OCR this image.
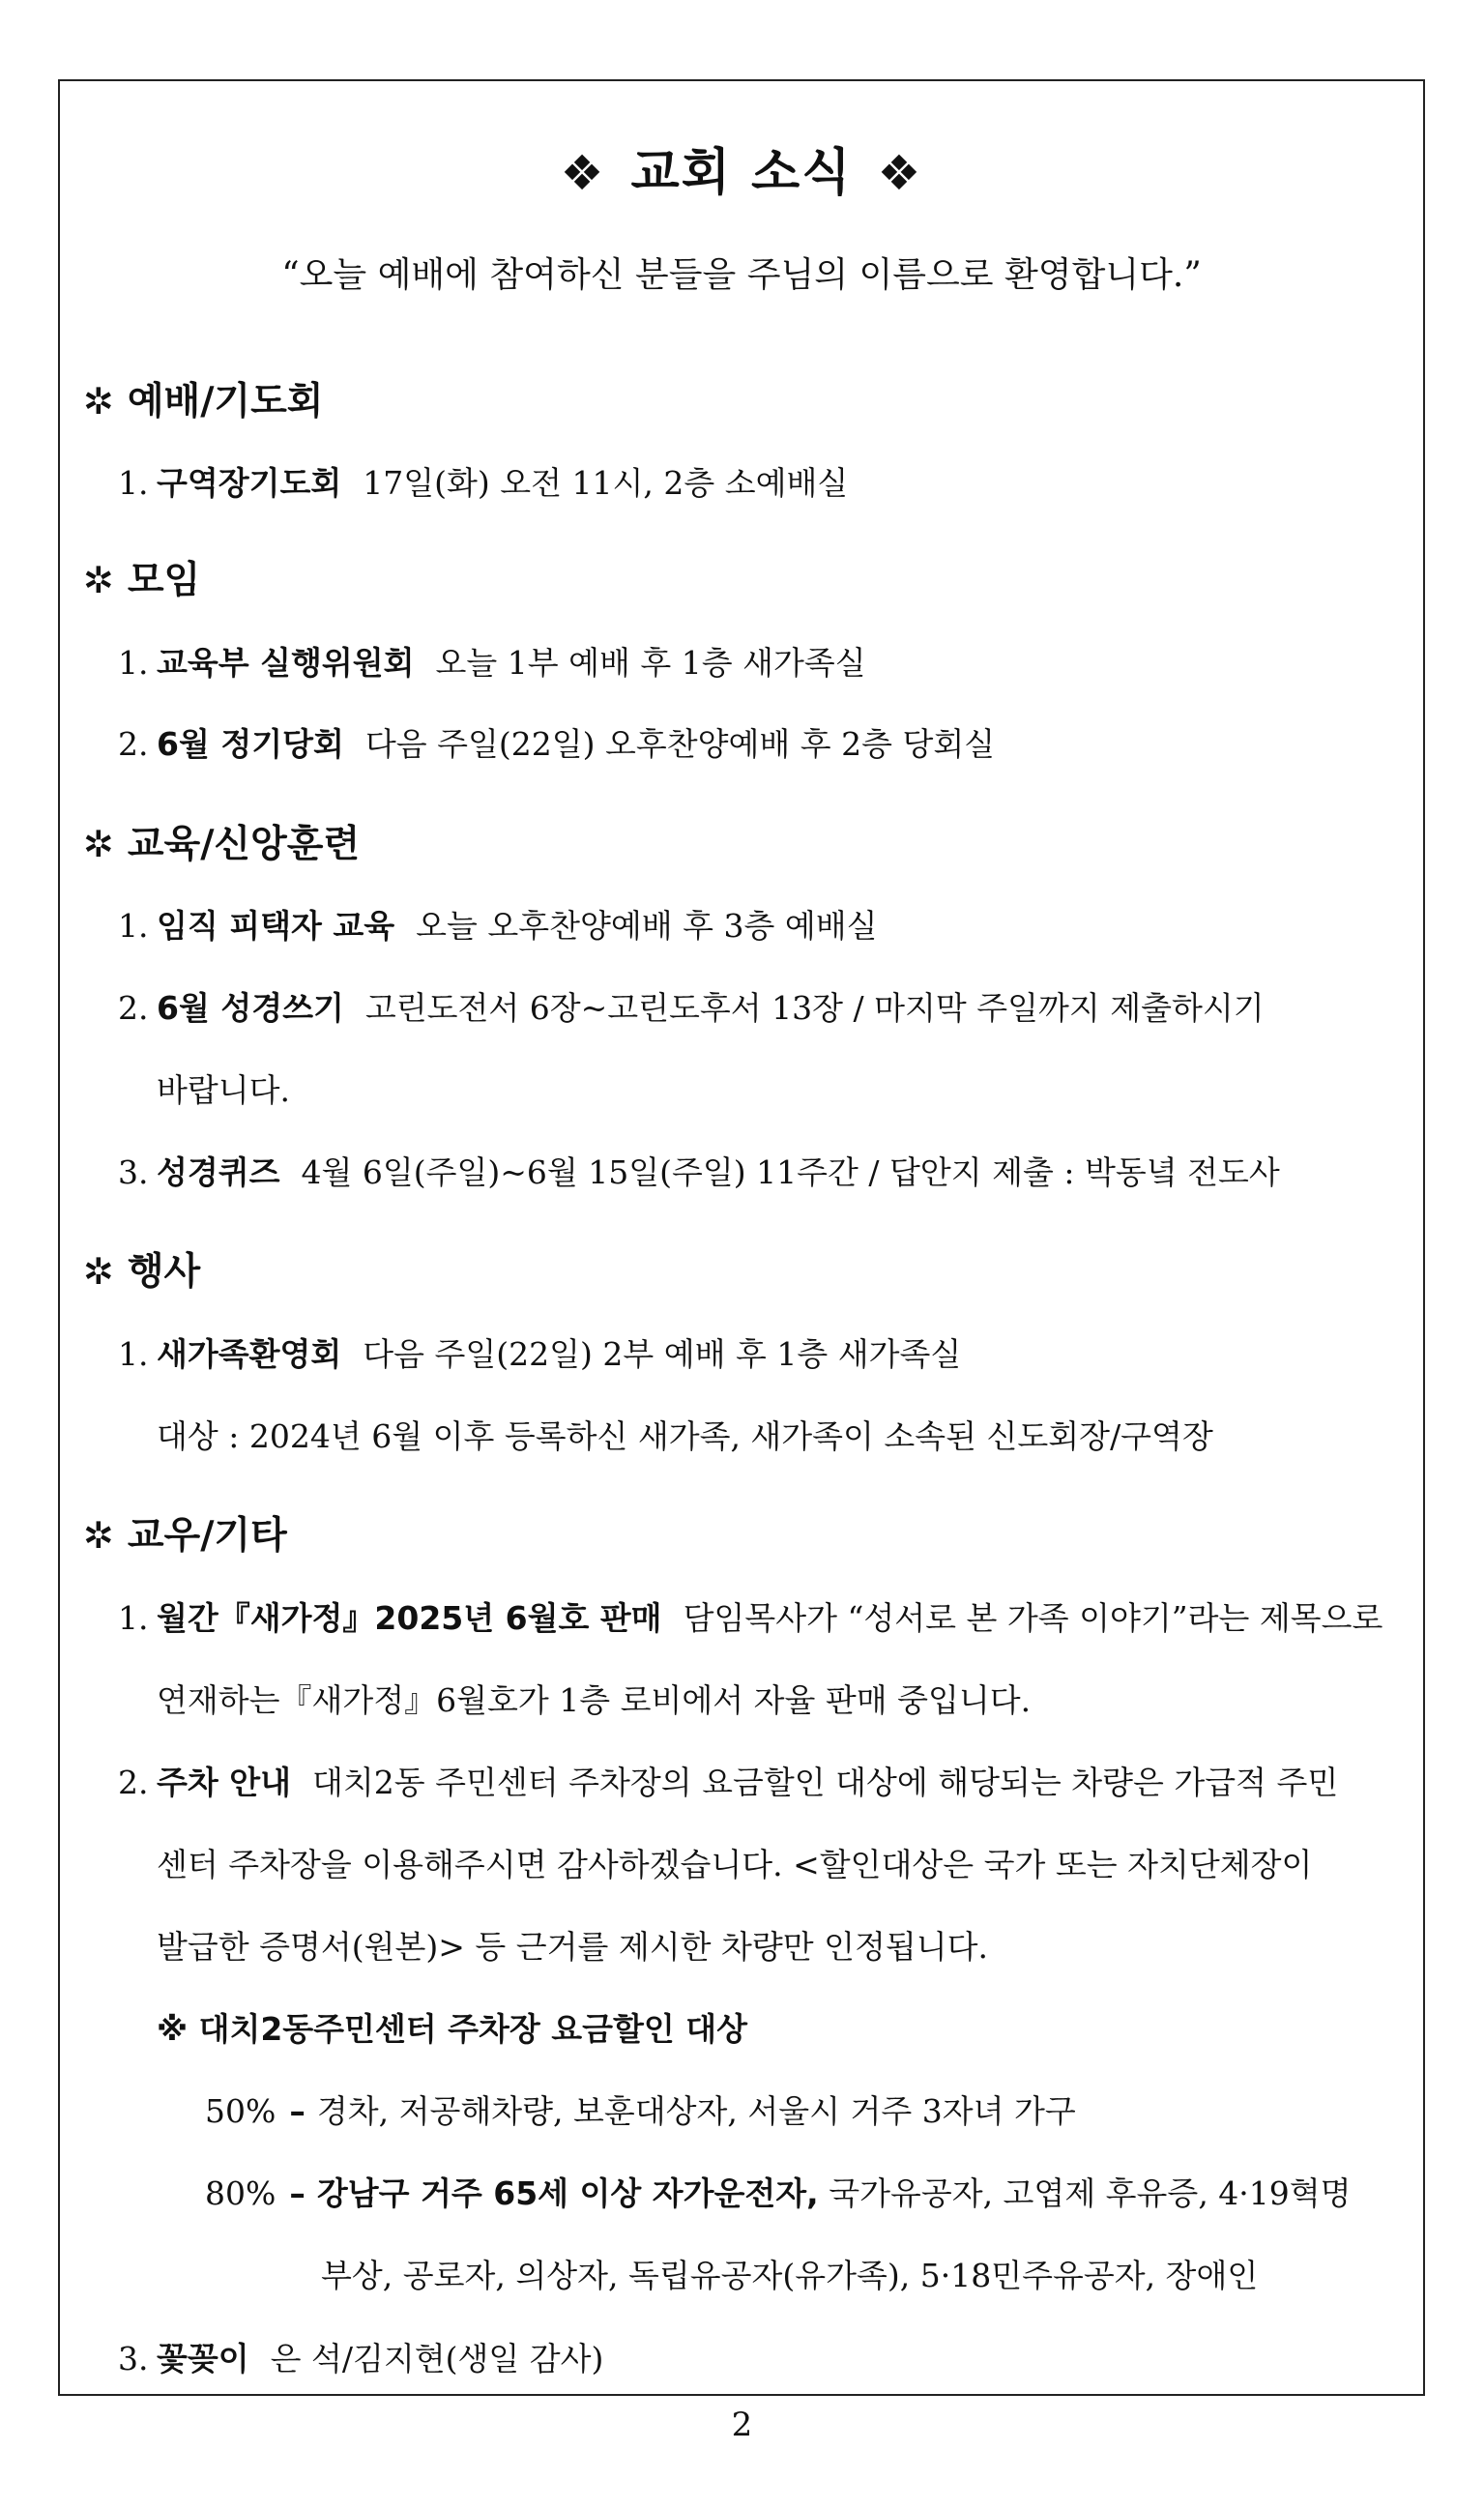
❖ 교회 소식 ❖
“오늘 예배에 참여하신 분들을 주님의 이름으로 환영합니다.”
✲ 예배/기도회
1. 구역장기도회 17일(화) 오전 11시, 2층 소예배실
✲ 모임
1. 교육부 실행위원회 오늘 1부 예배 후 1층 새가족실
2. 6월 정기당회 다음 주일(22일) 오후찬양예배 후 2층 당회실
✲ 교육/신앙훈련
1. 임직 피택자 교육 오늘 오후찬양예배 후 3층 예배실
2. 6월 성경쓰기 고린도전서 6장~고린도후서 13장 / 마지막 주일까지 제출하시기
바랍니다.
3. 성경퀴즈 4월 6일(주일)~6월 15일(주일) 11주간 / 답안지 제출 : 박동녘 전도사
✲ 행사
1. 새가족환영회 다음 주일(22일) 2부 예배 후 1층 새가족실
대상 : 2024년 6월 이후 등록하신 새가족, 새가족이 소속된 신도회장/구역장
✲ 교우/기타
1. 월간『새가정』2025년 6월호 판매 담임목사가 “성서로 본 가족 이야기”라는 제목으로
연재하는『새가정』6월호가 1층 로비에서 자율 판매 중입니다.
2. 주차 안내 대치2동 주민센터 주차장의 요금할인 대상에 해당되는 차량은 가급적 주민
센터 주차장을 이용해주시면 감사하겠습니다. <할인대상은 국가 또는 자치단체장이
발급한 증명서(원본)> 등 근거를 제시한 차량만 인정됩니다.
※ 대치2동주민센터 주차장 요금할인 대상
50% – 경차, 저공해차량, 보훈대상자, 서울시 거주 3자녀 가구
80% – 강남구 거주 65세 이상 자가운전자, 국가유공자, 고엽제 후유증, 4·19혁명
부상, 공로자, 의상자, 독립유공자(유가족), 5·18민주유공자, 장애인
3. 꽃꽂이 은 석/김지현(생일 감사)
2
